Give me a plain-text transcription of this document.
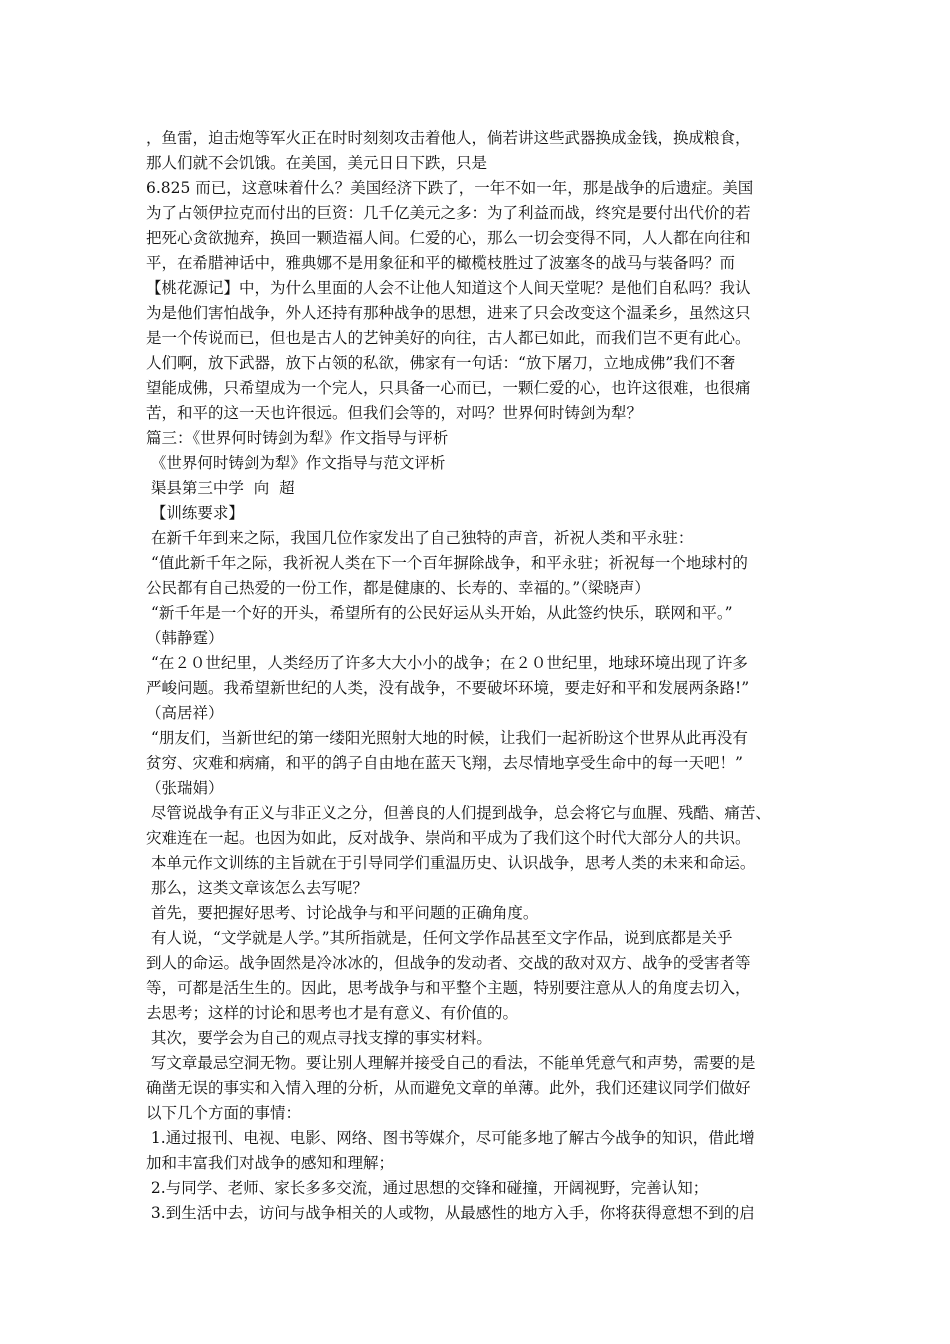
，鱼雷，迫击炮等军火正在时时刻刻攻击着他人，倘若讲这些武器换成金钱，换成粮食，
那人们就不会饥饿。在美国，美元日日下跌，只是
6.825 而已，这意味着什么？美国经济下跌了，一年不如一年，那是战争的后遗症。美国
为了占领伊拉克而付出的巨资：几千亿美元之多：为了利益而战，终究是要付出代价的若
把死心贪欲抛弃，换回一颗造福人间。仁爱的心，那么一切会变得不同，人人都在向往和
平，在希腊神话中，雅典娜不是用象征和平的橄榄枝胜过了波塞冬的战马与装备吗？而
【桃花源记】中，为什么里面的人会不让他人知道这个人间天堂呢？是他们自私吗？我认
为是他们害怕战争，外人还持有那种战争的思想，进来了只会改变这个温柔乡，虽然这只
是一个传说而已，但也是古人的艺钟美好的向往，古人都已如此，而我们岂不更有此心。
人们啊，放下武器，放下占领的私欲，佛家有一句话：“放下屠刀，立地成佛”我们不奢
望能成佛，只希望成为一个完人，只具备一心而已，一颗仁爱的心，也许这很难，也很痛
苦，和平的这一天也许很远。但我们会等的，对吗？世界何时铸剑为犁？
篇三：《世界何时铸剑为犁》作文指导与评析
《世界何时铸剑为犁》作文指导与范文评析
渠县第三中学  向  超
【训练要求】
在新千年到来之际，我国几位作家发出了自己独特的声音，祈祝人类和平永驻：
“值此新千年之际，我祈祝人类在下一个百年摒除战争，和平永驻；祈祝每一个地球村的
公民都有自己热爱的一份工作，都是健康的、长寿的、幸福的。”（梁晓声）
“新千年是一个好的开头，希望所有的公民好运从头开始，从此签约快乐，联网和平。”
（韩静霆）
“在２０世纪里，人类经历了许多大大小小的战争；在２０世纪里，地球环境出现了许多
严峻问题。我希望新世纪的人类，没有战争，不要破坏环境，要走好和平和发展两条路!”
（高居祥）
“朋友们，当新世纪的第一缕阳光照射大地的时候，让我们一起祈盼这个世界从此再没有
贫穷、灾难和病痛，和平的鸽子自由地在蓝天飞翔，去尽情地享受生命中的每一天吧！”
（张瑞娟）
尽管说战争有正义与非正义之分，但善良的人们提到战争，总会将它与血腥、残酷、痛苦、
灾难连在一起。也因为如此，反对战争、崇尚和平成为了我们这个时代大部分人的共识。
本单元作文训练的主旨就在于引导同学们重温历史、认识战争，思考人类的未来和命运。
那么，这类文章该怎么去写呢？
首先，要把握好思考、讨论战争与和平问题的正确角度。
有人说，“文学就是人学。”其所指就是，任何文学作品甚至文字作品，说到底都是关乎
到人的命运。战争固然是冷冰冰的，但战争的发动者、交战的敌对双方、战争的受害者等
等，可都是活生生的。因此，思考战争与和平整个主题，特别要注意从人的角度去切入，
去思考；这样的讨论和思考也才是有意义、有价值的。
其次，要学会为自己的观点寻找支撑的事实材料。
写文章最忌空洞无物。要让别人理解并接受自己的看法，不能单凭意气和声势，需要的是
确凿无误的事实和入情入理的分析，从而避免文章的单薄。此外，我们还建议同学们做好
以下几个方面的事情：
1.通过报刊、电视、电影、网络、图书等媒介，尽可能多地了解古今战争的知识，借此增
加和丰富我们对战争的感知和理解；
2.与同学、老师、家长多多交流，通过思想的交锋和碰撞，开阔视野，完善认知；
3.到生活中去，访问与战争相关的人或物，从最感性的地方入手，你将获得意想不到的启
